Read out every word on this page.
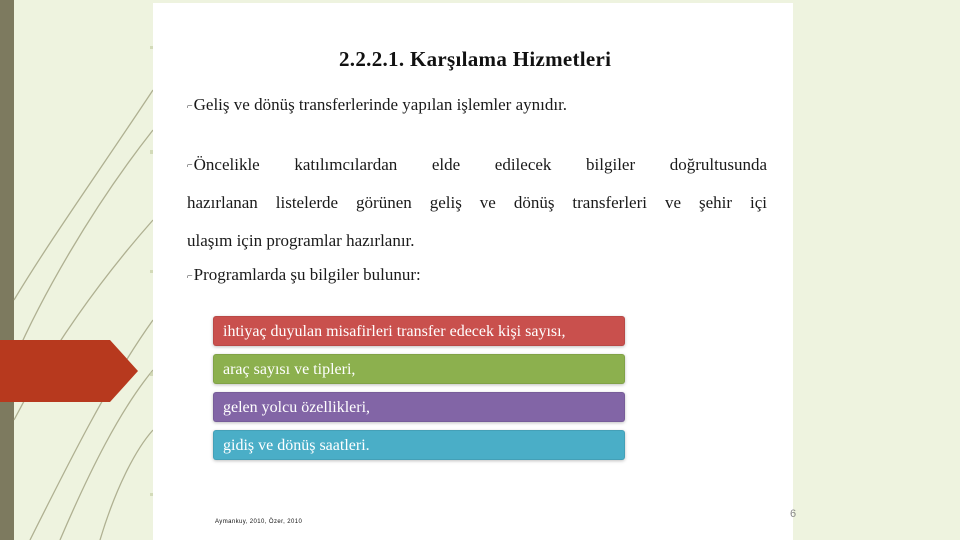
2.2.2.1. Karşılama Hizmetleri
⌐Geliş ve dönüş transferlerinde yapılan işlemler aynıdır.
⌐Öncelikle katılımcılardan elde edilecek bilgiler doğrultusunda
hazırlanan listelerde görünen geliş ve dönüş transferleri ve şehir içi
ulaşım için programlar hazırlanır.
⌐Programlarda şu bilgiler bulunur:
ihtiyaç duyulan misafirleri transfer edecek kişi sayısı,
araç sayısı ve tipleri,
gelen yolcu özellikleri,
gidiş ve dönüş saatleri.
Aymankuy, 2010, Özer, 2010
6
